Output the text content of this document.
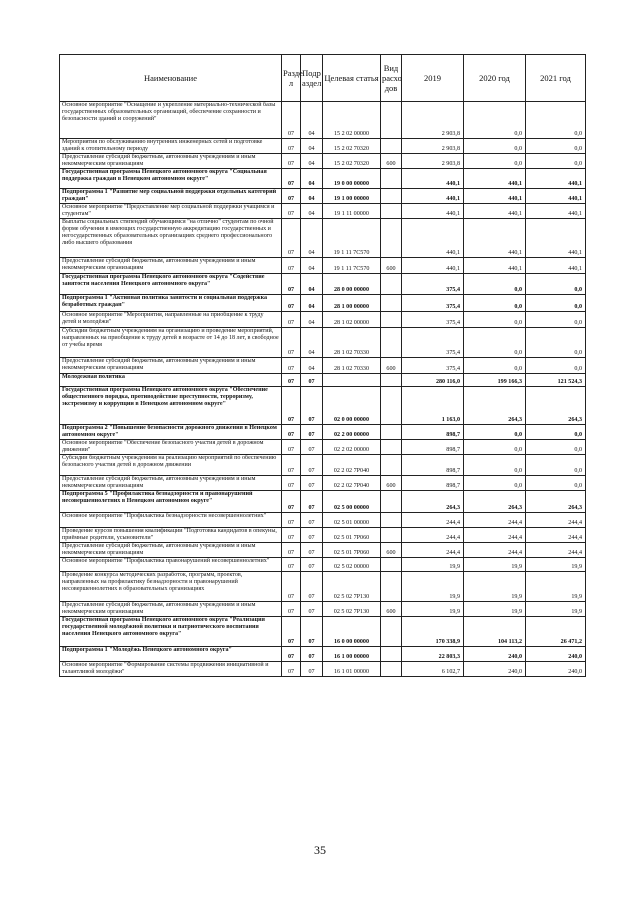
Наименование	Разде л	Подр аздел	Целевая статья	Вид расхо дов	2019	2020 год	2021 год
Основное мероприятие "Оснащение и укрепление материально-технической базы государственных образовательных организаций, обеспечение сохранности и безопасности зданий и сооружений"	07	04	15 2 02 00000		2 903,8	0,0	0,0
Мероприятия по обслуживанию внутренних инженерных сетей и подготовке зданий к отопительному периоду	07	04	15 2 02 70320		2 903,8	0,0	0,0
Предоставление субсидий бюджетным, автономным учреждениям и иным некоммерческим организациям	07	04	15 2 02 70320	600	2 903,8	0,0	0,0
Государственная программа Ненецкого автономного округа "Социальная поддержка граждан в Ненецком автономном округе"	07	04	19 0 00 00000		440,1	440,1	440,1
Подпрограмма 1 "Развитие мер социальной поддержки отдельных категорий граждан"	07	04	19 1 00 00000		440,1	440,1	440,1
Основное мероприятие "Предоставление мер социальной поддержки учащимся и студентам"	07	04	19 1 11 00000		440,1	440,1	440,1
Выплаты социальных стипендий обучающимся "на отлично" студентам по очной форме обучения в имеющих государственную аккредитацию государственных и негосударственных образовательных организациях среднего профессионального либо высшего образования	07	04	19 1 11 7С570		440,1	440,1	440,1
Предоставление субсидий бюджетным, автономным учреждениям и иным некоммерческим организациям	07	04	19 1 11 7С570	600	440,1	440,1	440,1
Государственная программа Ненецкого автономного округа "Содействие занятости населения Ненецкого автономного округа"	07	04	28 0 00 00000		375,4	0,0	0,0
Подпрограмма 1 "Активная политика занятости и социальная поддержка безработных граждан"	07	04	28 1 00 00000		375,4	0,0	0,0
Основное мероприятие "Мероприятия, направленные на приобщение к труду детей и молодёжи"	07	04	28 1 02 00000		375,4	0,0	0,0
Субсидии бюджетным учреждениям на организацию и проведение мероприятий, направленных на приобщение к труду детей в возрасте от 14 до 18 лет, в свободное от учебы время	07	04	28 1 02 70330		375,4	0,0	0,0
Предоставление субсидий бюджетным, автономным учреждениям и иным некоммерческим организациям	07	04	28 1 02 70330	600	375,4	0,0	0,0
Молодежная политика	07	07			280 116,0	199 166,3	121 524,3
Государственная программа Ненецкого автономного округа "Обеспечение общественного порядка, противодействие преступности, терроризму, экстремизму и коррупции в Ненецком автономном округе"	07	07	02 0 00 00000		1 163,0	264,3	264,3
Подпрограмма 2 "Повышение безопасности дорожного движения в Ненецком автономном округе"	07	07	02 2 00 00000		898,7	0,0	0,0
Основное мероприятие "Обеспечение безопасного участия детей в дорожном движении"	07	07	02 2 02 00000		898,7	0,0	0,0
Субсидии бюджетным учреждениям на реализацию мероприятий по обеспечению безопасного участия детей в дорожном движении	07	07	02 2 02 7Р040		898,7	0,0	0,0
Предоставление субсидий бюджетным, автономным учреждениям и иным некоммерческим организациям	07	07	02 2 02 7Р040	600	898,7	0,0	0,0
Подпрограмма 5 "Профилактика безнадзорности и правонарушений несовершеннолетних в Ненецком автономном округе"	07	07	02 5 00 00000		264,3	264,3	264,3
Основное мероприятие "Профилактика безнадзорности несовершеннолетних"	07	07	02 5 01 00000		244,4	244,4	244,4
Проведение курсов повышения квалификации "Подготовка кандидатов в опекуны, приёмные родители, усыновители"	07	07	02 5 01 7Р060		244,4	244,4	244,4
Предоставление субсидий бюджетным, автономным учреждениям и иным некоммерческим организациям	07	07	02 5 01 7Р060	600	244,4	244,4	244,4
Основное мероприятие "Профилактика правонарушений несовершеннолетних"	07	07	02 5 02 00000		19,9	19,9	19,9
Проведение конкурса методических разработок, программ, проектов, направленных на профилактику безнадзорности и правонарушений несовершеннолетних в образовательных организациях	07	07	02 5 02 7Р130		19,9	19,9	19,9
Предоставление субсидий бюджетным, автономным учреждениям и иным некоммерческим организациям	07	07	02 5 02 7Р130	600	19,9	19,9	19,9
Государственная программа Ненецкого автономного округа "Реализация государственной молодёжной политики и патриотического воспитания населения Ненецкого автономного округа"	07	07	16 0 00 00000		170 338,9	104 113,2	26 471,2
Подпрограмма 1 "Молодёжь Ненецкого автономного округа"	07	07	16 1 00 00000		22 803,3	240,0	240,0
Основное мероприятие "Формирование системы продвижения инициативной и талантливой молодёжи"	07	07	16 1 01 00000		6 102,7	240,0	240,0
35
